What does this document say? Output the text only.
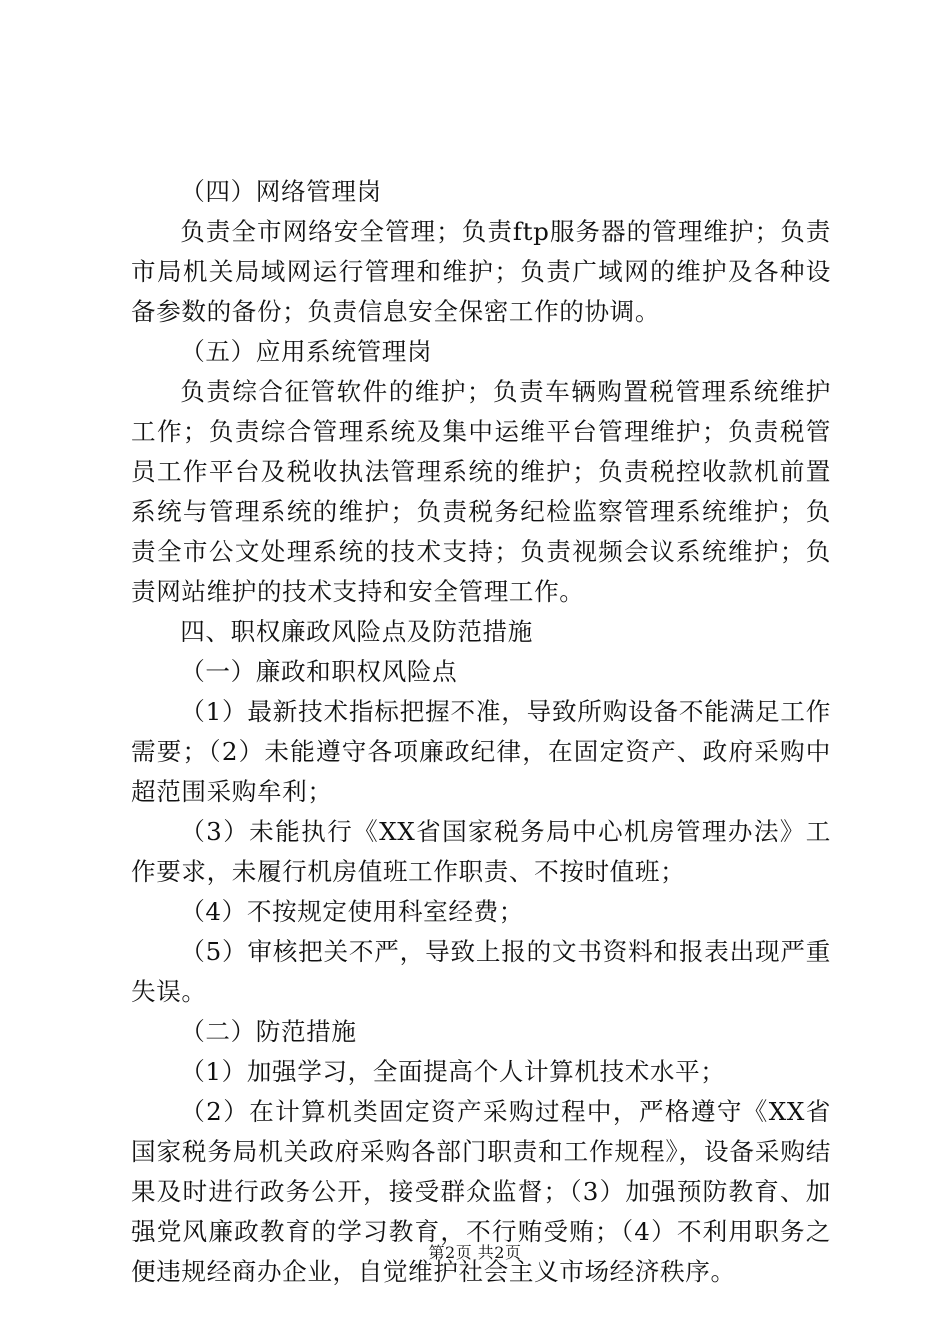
（四）网络管理岗

负责全市网络安全管理；负责ftp服务器的管理维护；负责市局机关局域网运行管理和维护；负责广域网的维护及各种设备参数的备份；负责信息安全保密工作的协调。

（五）应用系统管理岗

负责综合征管软件的维护；负责车辆购置税管理系统维护工作；负责综合管理系统及集中运维平台管理维护；负责税管员工作平台及税收执法管理系统的维护；负责税控收款机前置系统与管理系统的维护；负责税务纪检监察管理系统维护；负责全市公文处理系统的技术支持；负责视频会议系统维护；负责网站维护的技术支持和安全管理工作。

四、职权廉政风险点及防范措施

（一）廉政和职权风险点

（1）最新技术指标把握不准，导致所购设备不能满足工作需要；（2）未能遵守各项廉政纪律，在固定资产、政府采购中超范围采购牟利；

（3）未能执行《XX省国家税务局中心机房管理办法》工作要求，未履行机房值班工作职责、不按时值班；

（4）不按规定使用科室经费；

（5）审核把关不严，导致上报的文书资料和报表出现严重失误。

（二）防范措施

（1）加强学习，全面提高个人计算机技术水平；

（2）在计算机类固定资产采购过程中，严格遵守《XX省国家税务局机关政府采购各部门职责和工作规程》，设备采购结果及时进行政务公开，接受群众监督；（3）加强预防教育、加强党风廉政教育的学习教育，不行贿受贿；（4）不利用职务之便违规经商办企业，自觉维护社会主义市场经济秩序。

第2页 共2页
